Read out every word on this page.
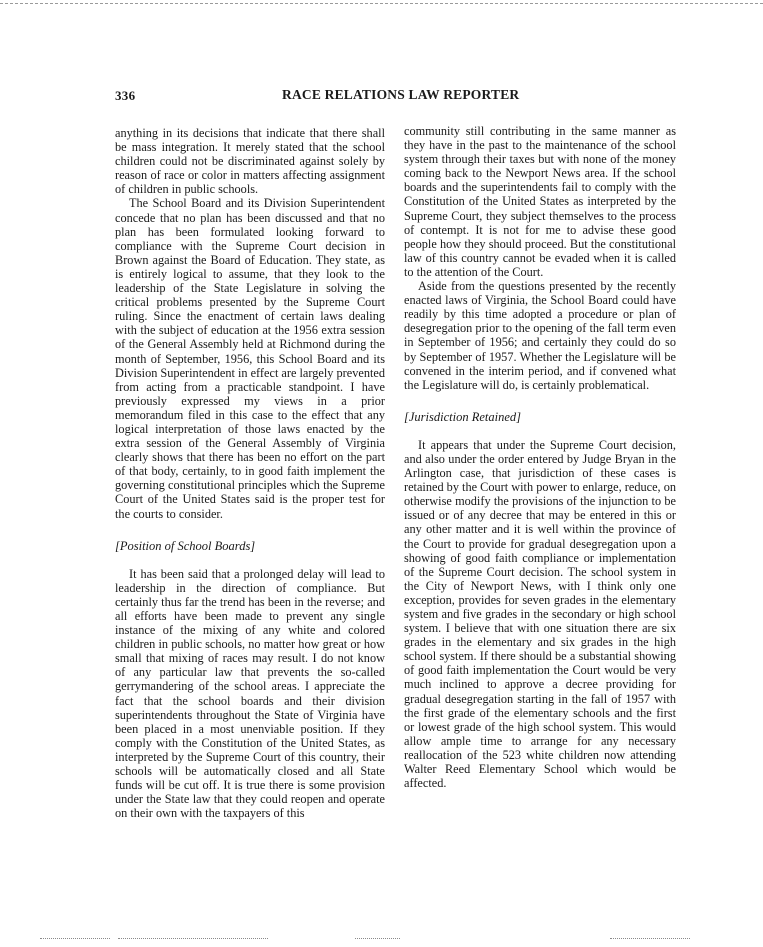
336	RACE RELATIONS LAW REPORTER

anything in its decisions that indicate that there shall be mass integration. It merely stated that the school children could not be discriminated against solely by reason of race or color in matters affecting assignment of children in public schools.

The School Board and its Division Superintendent concede that no plan has been discussed and that no plan has been formulated looking forward to compliance with the Supreme Court decision in Brown against the Board of Education. They state, as is entirely logical to assume, that they look to the leadership of the State Legislature in solving the critical problems presented by the Supreme Court ruling. Since the enactment of certain laws dealing with the subject of education at the 1956 extra session of the General Assembly held at Richmond during the month of September, 1956, this School Board and its Division Superintendent in effect are largely prevented from acting from a practicable standpoint. I have previously expressed my views in a prior memorandum filed in this case to the effect that any logical interpretation of those laws enacted by the extra session of the General Assembly of Virginia clearly shows that there has been no effort on the part of that body, certainly, to in good faith implement the governing constitutional principles which the Supreme Court of the United States said is the proper test for the courts to consider.

[Position of School Boards]

It has been said that a prolonged delay will lead to leadership in the direction of compliance. But certainly thus far the trend has been in the reverse; and all efforts have been made to prevent any single instance of the mixing of any white and colored children in public schools, no matter how great or how small that mixing of races may result. I do not know of any particular law that prevents the so-called gerrymandering of the school areas. I appreciate the fact that the school boards and their division superintendents throughout the State of Virginia have been placed in a most unenviable position. If they comply with the Constitution of the United States, as interpreted by the Supreme Court of this country, their schools will be automatically closed and all State funds will be cut off. It is true there is some provision under the State law that they could reopen and operate on their own with the taxpayers of this

community still contributing in the same manner as they have in the past to the maintenance of the school system through their taxes but with none of the money coming back to the Newport News area. If the school boards and the superintendents fail to comply with the Constitution of the United States as interpreted by the Supreme Court, they subject themselves to the process of contempt. It is not for me to advise these good people how they should proceed. But the constitutional law of this country cannot be evaded when it is called to the attention of the Court.

Aside from the questions presented by the recently enacted laws of Virginia, the School Board could have readily by this time adopted a procedure or plan of desegregation prior to the opening of the fall term even in September of 1956; and certainly they could do so by September of 1957. Whether the Legislature will be convened in the interim period, and if convened what the Legislature will do, is certainly problematical.

[Jurisdiction Retained]

It appears that under the Supreme Court decision, and also under the order entered by Judge Bryan in the Arlington case, that jurisdiction of these cases is retained by the Court with power to enlarge, reduce, on otherwise modify the provisions of the injunction to be issued or of any decree that may be entered in this or any other matter and it is well within the province of the Court to provide for gradual desegregation upon a showing of good faith compliance or implementation of the Supreme Court decision. The school system in the City of Newport News, with I think only one exception, provides for seven grades in the elementary system and five grades in the secondary or high school system. I believe that with one situation there are six grades in the elementary and six grades in the high school system. If there should be a substantial showing of good faith implementation the Court would be very much inclined to approve a decree providing for gradual desegregation starting in the fall of 1957 with the first grade of the elementary schools and the first or lowest grade of the high school system. This would allow ample time to arrange for any necessary reallocation of the 523 white children now attending Walter Reed Elementary School which would be affected.
